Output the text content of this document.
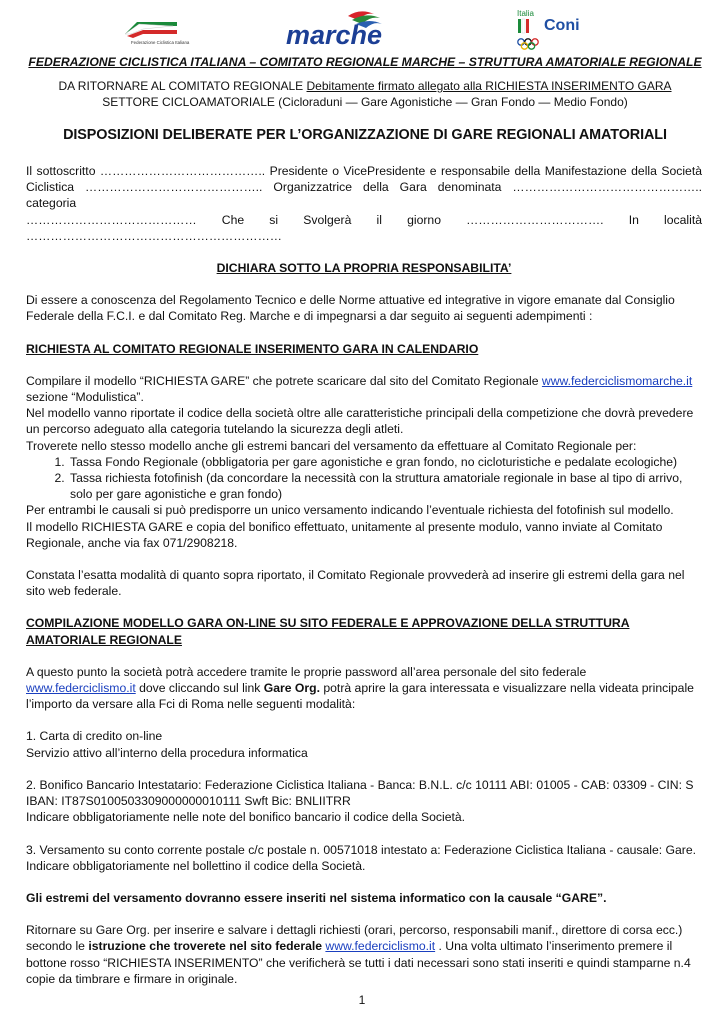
Federazione Ciclistica Italiana	marche
Italia
Coni
FEDERAZIONE CICLISTICA ITALIANA – COMITATO REGIONALE MARCHE – STRUTTURA AMATORIALE REGIONALE
DA RITORNARE AL COMITATO REGIONALE Debitamente firmato allegato alla RICHIESTA INSERIMENTO GARA
SETTORE CICLOAMATORIALE (Cicloraduni — Gare Agonistiche — Gran Fondo — Medio Fondo)
DISPOSIZIONI DELIBERATE PER L’ORGANIZZAZIONE DI GARE REGIONALI AMATORIALI

Il sottoscritto ………………………………….. Presidente o VicePresidente e responsabile della Manifestazione della Società

Ciclistica …………………………………….. Organizzatrice della Gara denominata ……………………………………….. categoria

…………………………………… Che si Svolgerà il giorno ……………………………. In località ………………………………………………………

DICHIARA SOTTO LA PROPRIA RESPONSABILITA’

Di essere a conoscenza del Regolamento Tecnico e delle Norme attuative ed integrative in vigore emanate dal Consiglio Federale della F.C.I. e dal Comitato Reg. Marche e di impegnarsi a dar seguito ai seguenti adempimenti :

RICHIESTA AL COMITATO REGIONALE INSERIMENTO GARA IN CALENDARIO

Compilare il modello “RICHIESTA GARE” che potrete scaricare dal sito del Comitato Regionale www.federciclismomarche.it
sezione “Modulistica”.

Nel modello vanno riportate il codice della società oltre alle caratteristiche principali della competizione che dovrà prevedere un percorso adeguato alla categoria tutelando la sicurezza degli atleti.

Troverete nello stesso modello anche gli estremi bancari del versamento da effettuare al Comitato Regionale per:

1. Tassa Fondo Regionale (obbligatoria per gare agonistiche e gran fondo, no cicloturistiche e pedalate ecologiche)
2. Tassa richiesta fotofinish (da concordare la necessità con la struttura amatoriale regionale in base al tipo di arrivo, solo per gare agonistiche e gran fondo)

Per entrambi le causali si può predisporre un unico versamento indicando l’eventuale richiesta del fotofinish sul modello.

Il modello RICHIESTA GARE e copia del bonifico effettuato, unitamente al presente modulo, vanno inviate al Comitato Regionale, anche via fax 071/2908218.

Constata l’esatta modalità di quanto sopra riportato, il Comitato Regionale provvederà ad inserire gli estremi della gara nel sito web federale.

COMPILAZIONE MODELLO GARA ON-LINE SU SITO FEDERALE E APPROVAZIONE DELLA STRUTTURA AMATORIALE REGIONALE

A questo punto la società potrà accedere tramite le proprie password all’area personale del sito federale
www.federciclismo.it dove cliccando sul link Gare Org. potrà aprire la gara interessata e visualizzare nella videata principale l’importo da versare alla Fci di Roma nelle seguenti modalità:

1. Carta di credito on-line

Servizio attivo all’interno della procedura informatica

2. Bonifico Bancario Intestatario: Federazione Ciclistica Italiana - Banca: B.N.L. c/c 10111 ABI: 01005 - CAB: 03309 - CIN: S

IBAN: IT87S0100503309000000010111 Swft Bic: BNLIITRR

Indicare obbligatoriamente nelle note del bonifico bancario il codice della Società.

3. Versamento su conto corrente postale c/c postale n. 00571018 intestato a: Federazione Ciclistica Italiana - causale: Gare.

Indicare obbligatoriamente nel bollettino il codice della Società.

Gli estremi del versamento dovranno essere inseriti nel sistema informatico con la causale “GARE”.

Ritornare su Gare Org. per inserire e salvare i dettagli richiesti (orari, percorso, responsabili manif., direttore di corsa ecc.) secondo le istruzione che troverete nel sito federale www.federciclismo.it . Una volta ultimato l’inserimento premere il bottone rosso “RICHIESTA INSERIMENTO” che verificherà se tutti i dati necessari sono stati inseriti e quindi stamparne n.4 copie da timbrare e firmare in originale.

1
